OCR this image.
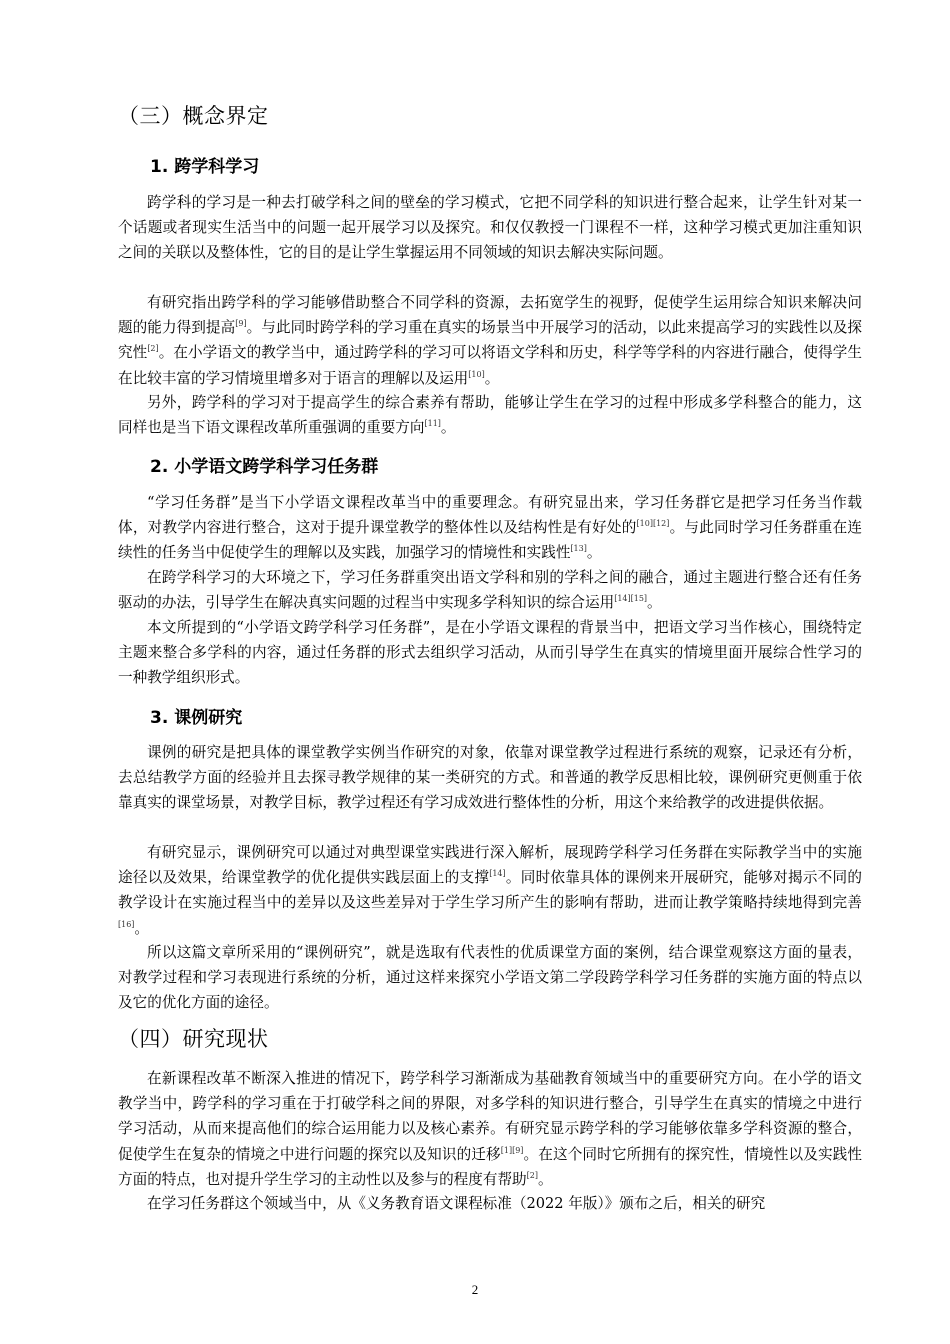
（三）概念界定
1. 跨学科学习

跨学科的学习是一种去打破学科之间的壁垒的学习模式，它把不同学科的知识进行整合起来，让学生针对某一个话题或者现实生活当中的问题一起开展学习以及探究。和仅仅教授一门课程不一样，这种学习模式更加注重知识之间的关联以及整体性，它的目的是让学生掌握运用不同领域的知识去解决实际问题。

有研究指出跨学科的学习能够借助整合不同学科的资源，去拓宽学生的视野，促使学生运用综合知识来解决问题的能力得到提高[9]。与此同时跨学科的学习重在真实的场景当中开展学习的活动，以此来提高学习的实践性以及探究性[2]。在小学语文的教学当中，通过跨学科的学习可以将语文学科和历史，科学等学科的内容进行融合，使得学生在比较丰富的学习情境里增多对于语言的理解以及运用[10]。

另外，跨学科的学习对于提高学生的综合素养有帮助，能够让学生在学习的过程中形成多学科整合的能力，这同样也是当下语文课程改革所重强调的重要方向[11]。

2. 小学语文跨学科学习任务群

“学习任务群”是当下小学语文课程改革当中的重要理念。有研究显出来，学习任务群它是把学习任务当作载体，对教学内容进行整合，这对于提升课堂教学的整体性以及结构性是有好处的[10][12]。与此同时学习任务群重在连续性的任务当中促使学生的理解以及实践，加强学习的情境性和实践性[13]。

在跨学科学习的大环境之下，学习任务群重突出语文学科和别的学科之间的融合，通过主题进行整合还有任务驱动的办法，引导学生在解决真实问题的过程当中实现多学科知识的综合运用[14][15]。

本文所提到的“小学语文跨学科学习任务群”，是在小学语文课程的背景当中，把语文学习当作核心，围绕特定主题来整合多学科的内容，通过任务群的形式去组织学习活动，从而引导学生在真实的情境里面开展综合性学习的一种教学组织形式。

3. 课例研究

课例的研究是把具体的课堂教学实例当作研究的对象，依靠对课堂教学过程进行系统的观察，记录还有分析，去总结教学方面的经验并且去探寻教学规律的某一类研究的方式。和普通的教学反思相比较，课例研究更侧重于依靠真实的课堂场景，对教学目标，教学过程还有学习成效进行整体性的分析，用这个来给教学的改进提供依据。

有研究显示，课例研究可以通过对典型课堂实践进行深入解析，展现跨学科学习任务群在实际教学当中的实施途径以及效果，给课堂教学的优化提供实践层面上的支撑[14]。同时依靠具体的课例来开展研究，能够对揭示不同的教学设计在实施过程当中的差异以及这些差异对于学生学习所产生的影响有帮助，进而让教学策略持续地得到完善[16]。

所以这篇文章所采用的“课例研究”，就是选取有代表性的优质课堂方面的案例，结合课堂观察这方面的量表，对教学过程和学习表现进行系统的分析，通过这样来探究小学语文第二学段跨学科学习任务群的实施方面的特点以及它的优化方面的途径。

（四）研究现状

在新课程改革不断深入推进的情况下，跨学科学习渐渐成为基础教育领域当中的重要研究方向。在小学的语文教学当中，跨学科的学习重在于打破学科之间的界限，对多学科的知识进行整合，引导学生在真实的情境之中进行学习活动，从而来提高他们的综合运用能力以及核心素养。有研究显示跨学科的学习能够依靠多学科资源的整合，促使学生在复杂的情境之中进行问题的探究以及知识的迁移[1][9]。在这个同时它所拥有的探究性，情境性以及实践性方面的特点，也对提升学生学习的主动性以及参与的程度有帮助[2]。

在学习任务群这个领域当中，从《义务教育语文课程标准（2022 年版）》颁布之后，相关的研究

2
